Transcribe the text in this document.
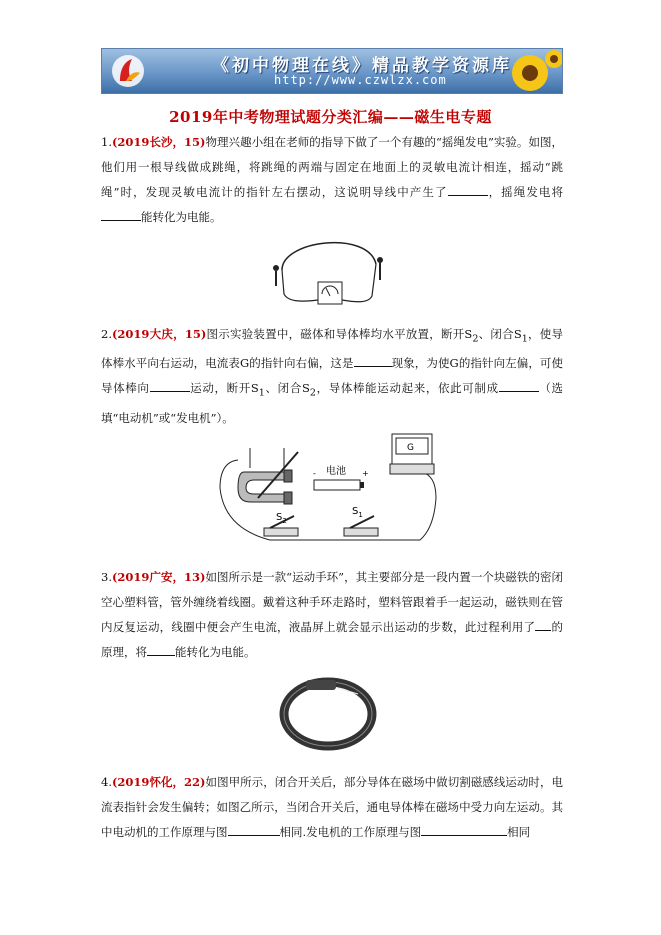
《初中物理在线》精品教学资源库
http://www.czwlzx.com
2019年中考物理试题分类汇编——磁生电专题

1.(2019长沙，15)物理兴趣小组在老师的指导下做了一个有趣的“摇绳发电”实验。如图，他们用一根导线做成跳绳，将跳绳的两端与固定在地面上的灵敏电流计相连，摇动“跳绳”时，发现灵敏电流计的指针左右摆动，这说明导线中产生了	，摇绳发电将能转化为电能。

2.(2019大庆，15)图示实验装置中，磁体和导体棒均水平放置，断开$S_2$、闭合$S_1$，使导体棒水平向右运动，电流表G的指针向右偏，这是	现象，为使G的指针向左偏，可使导体棒向	运动，断开$S_1$、闭合$S_2$，导体棒能运动起来，依此可制成	（选填“电动机”或“发电机”）。

电池
-	+
G
$S_2$
$S_1$

3.(2019广安，13)如图所示是一款“运动手环”，其主要部分是一段内置一个块磁铁的密闭空心塑料管，管外缠绕着线圈。戴着这种手环走路时，塑料管跟着手一起运动，磁铁则在管内反复运动，线圈中便会产生电流，液晶屏上就会显示出运动的步数，此过程利用了 的原理，将 能转化为电能。

4.(2019怀化，22)如图甲所示，闭合开关后，部分导体在磁场中做切割磁感线运动时，电流表指针会发生偏转；如图乙所示，当闭合开关后，通电导体棒在磁场中受力向左运动。其中电动机的工作原理与图	相同.发电机的工作原理与图	相同
